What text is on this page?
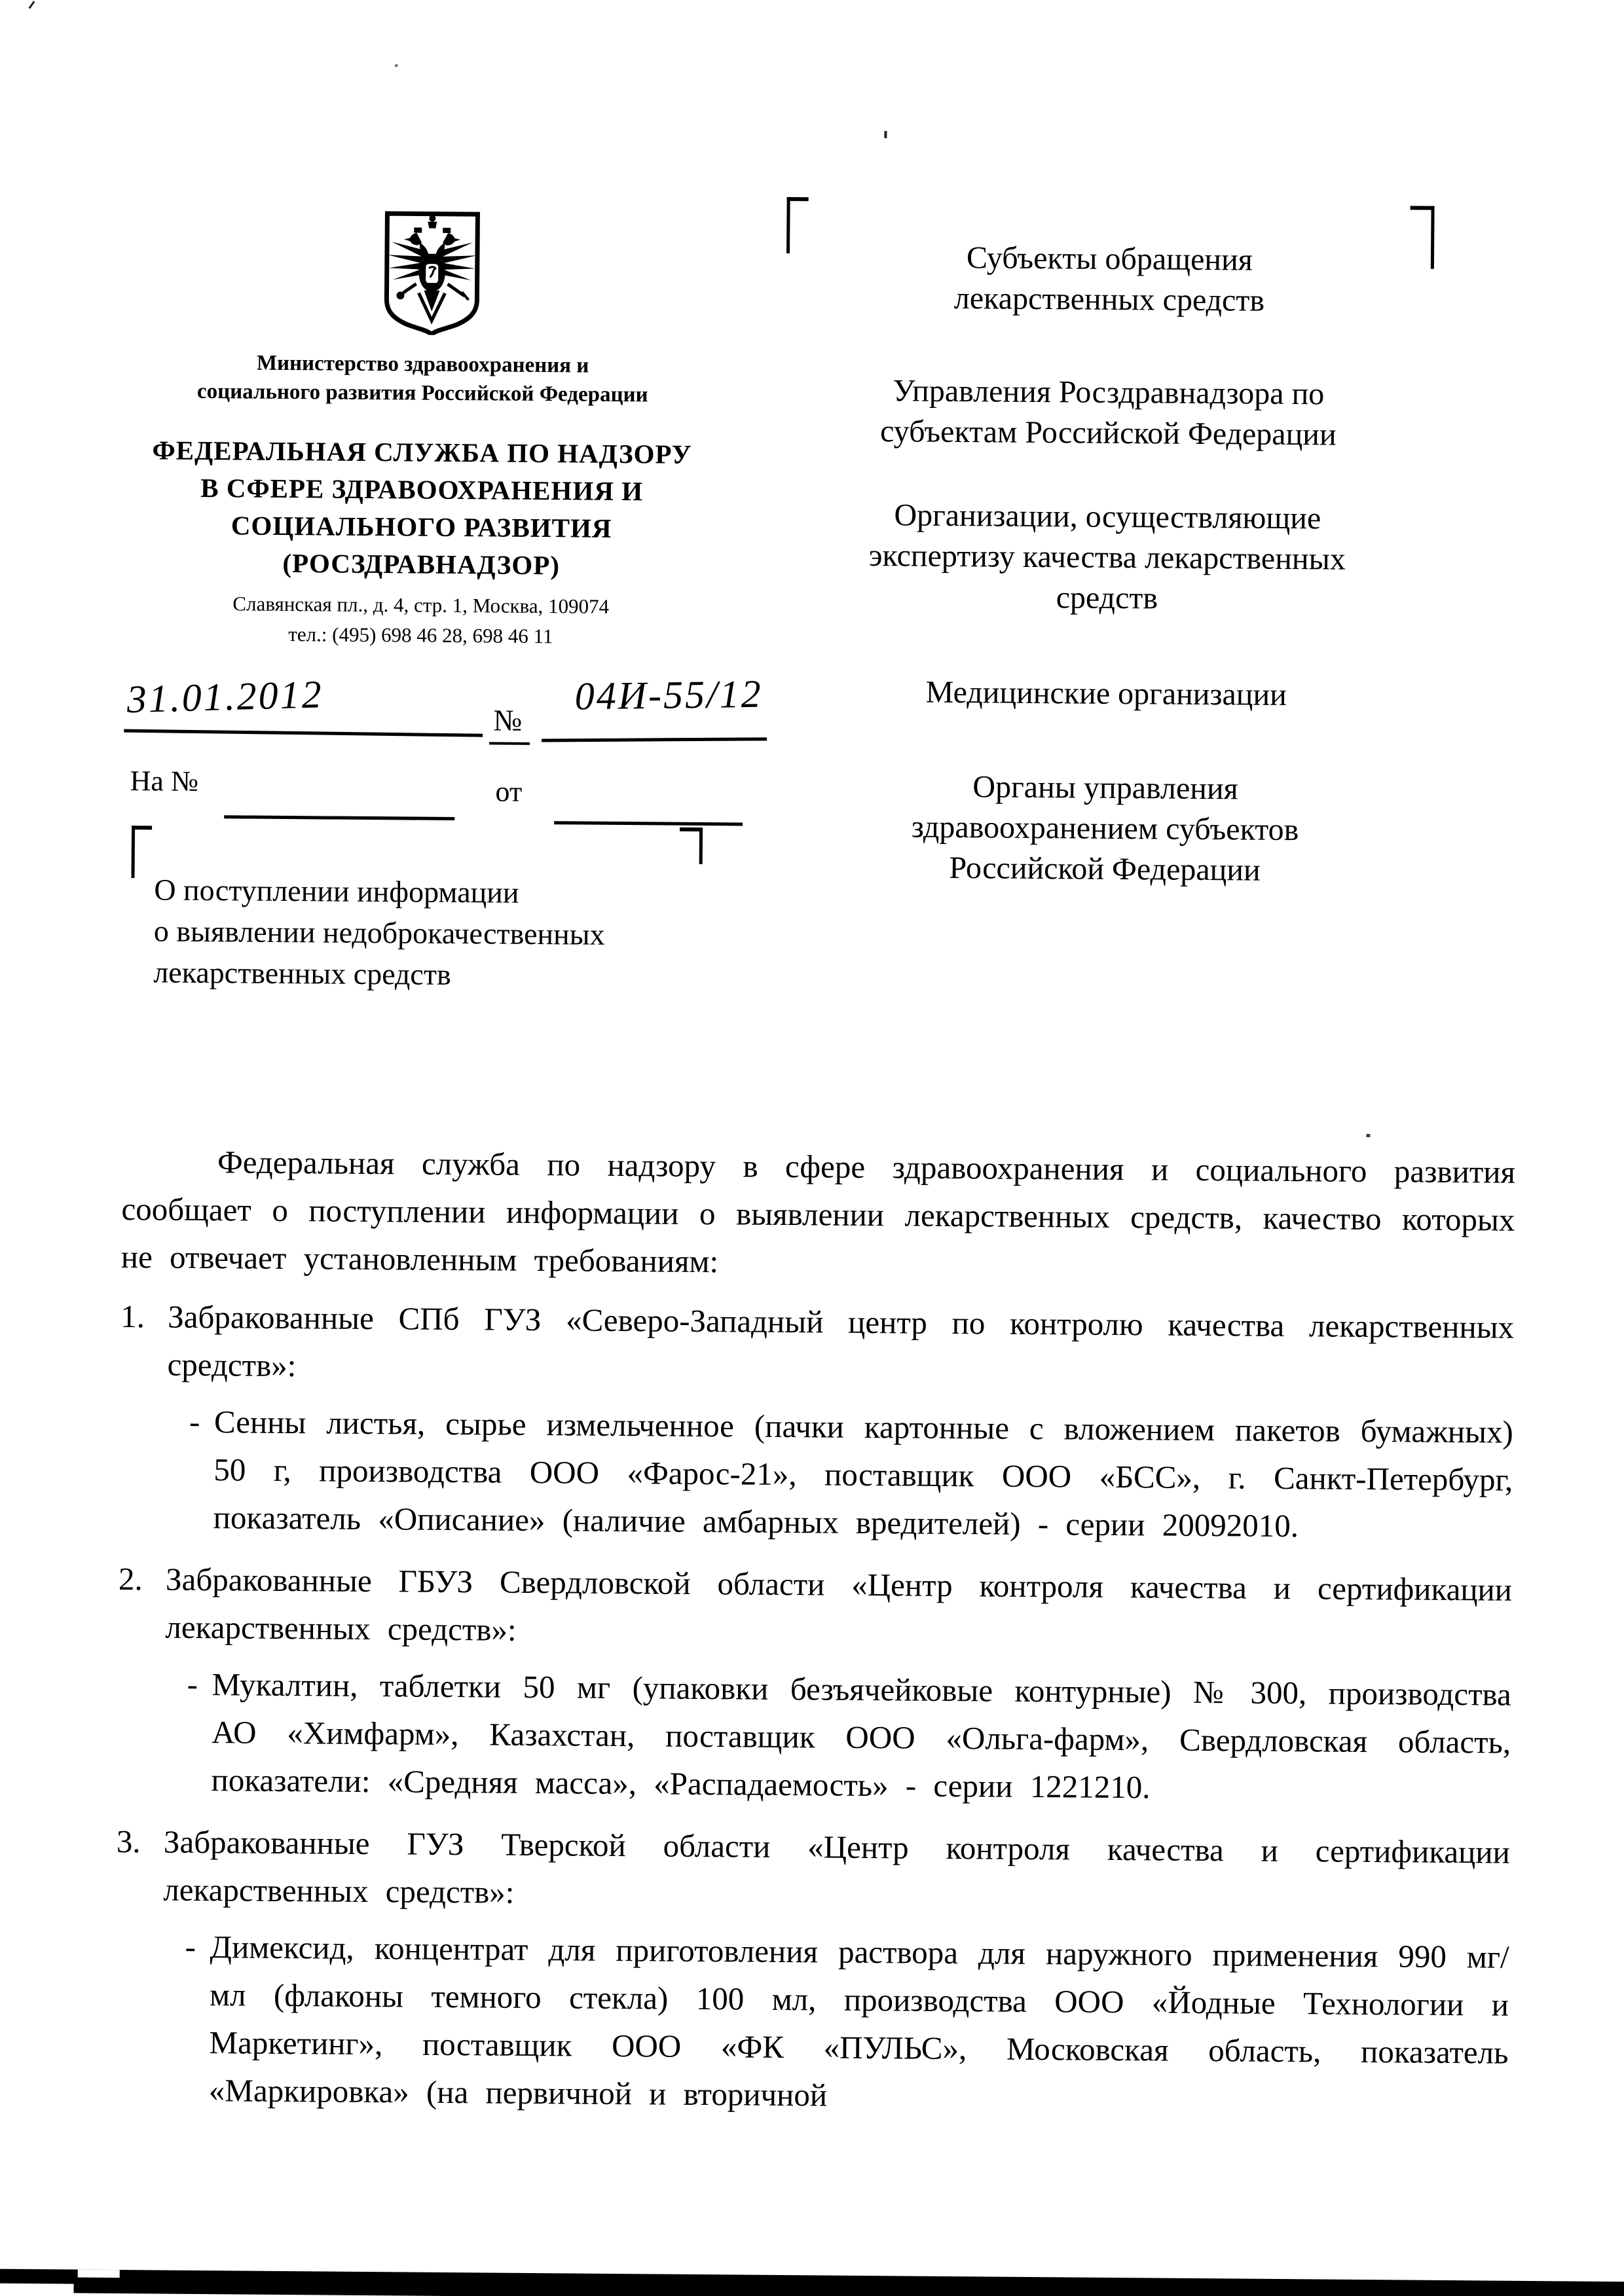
Министерство здравоохранения и
социального развития Российской Федерации
ФЕДЕРАЛЬНАЯ СЛУЖБА ПО НАДЗОРУ
В СФЕРЕ ЗДРАВООХРАНЕНИЯ И
СОЦИАЛЬНОГО РАЗВИТИЯ
(РОСЗДРАВНАДЗОР)
Славянская пл., д. 4, стр. 1, Москва, 109074
тел.: (495) 698 46 28, 698 46 11
31.01.2012	№
04И-55/12
На №	от
О поступлении информации
о выявлении недоброкачественных
лекарственных средств
Субъекты обращения
лекарственных средств
Управления Росздравнадзора по
субъектам Российской Федерации
Организации, осуществляющие
экспертизу качества лекарственных
средств
Медицинские организации
Органы управления
здравоохранением субъектов
Российской Федерации

Федеральная служба по надзору в сфере здравоохранения и социального развития сообщает о поступлении информации о выявлении лекарственных средств, качество которых не отвечает установленным требованиям:

1. Забракованные СПб ГУЗ «Северо-Западный центр по контролю качества лекарственных средств»:
- Сенны листья, сырье измельченное (пачки картонные с вложением пакетов бумажных) 50 г, производства ООО «Фарос-21», поставщик ООО «БСС», г. Санкт-Петербург, показатель «Описание» (наличие амбарных вредителей) - серии 20092010.
2. Забракованные ГБУЗ Свердловской области «Центр контроля качества и сертификации лекарственных средств»:
- Мукалтин, таблетки 50 мг (упаковки безъячейковые контурные) № 300, производства АО «Химфарм», Казахстан, поставщик ООО «Ольга-фарм», Свердловская область, показатели: «Средняя масса», «Распадаемость» - серии 1221210.
3. Забракованные ГУЗ Тверской области «Центр контроля качества и сертификации лекарственных средств»:
- Димексид, концентрат для приготовления раствора для наружного применения 990 мг/мл (флаконы темного стекла) 100 мл, производства ООО «Йодные Технологии и Маркетинг», поставщик ООО «ФК «ПУЛЬС», Московская область, показатель «Маркировка» (на первичной и вторичной
